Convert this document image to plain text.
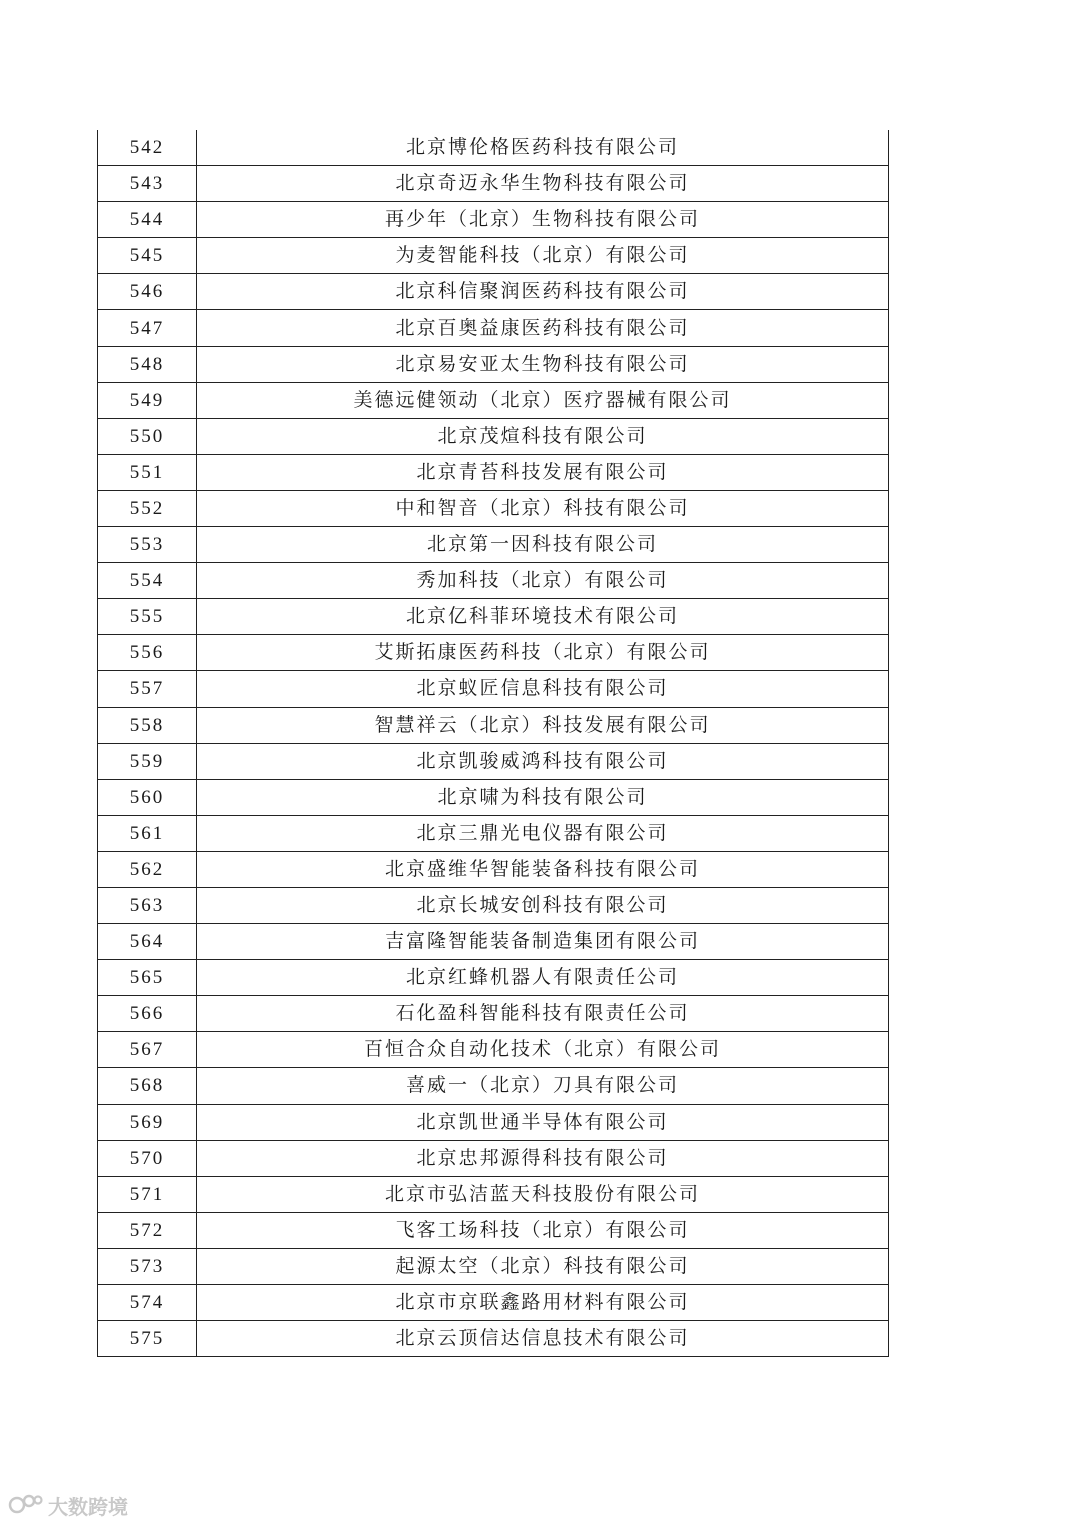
542	北京博伦格医药科技有限公司
543	北京奇迈永华生物科技有限公司
544	再少年（北京）生物科技有限公司
545	为麦智能科技（北京）有限公司
546	北京科信聚润医药科技有限公司
547	北京百奥益康医药科技有限公司
548	北京易安亚太生物科技有限公司
549	美德远健领动（北京）医疗器械有限公司
550	北京茂煊科技有限公司
551	北京青苔科技发展有限公司
552	中和智音（北京）科技有限公司
553	北京第一因科技有限公司
554	秀加科技（北京）有限公司
555	北京亿科菲环境技术有限公司
556	艾斯拓康医药科技（北京）有限公司
557	北京蚁匠信息科技有限公司
558	智慧祥云（北京）科技发展有限公司
559	北京凯骏威鸿科技有限公司
560	北京啸为科技有限公司
561	北京三鼎光电仪器有限公司
562	北京盛维华智能装备科技有限公司
563	北京长城安创科技有限公司
564	吉富隆智能装备制造集团有限公司
565	北京红蜂机器人有限责任公司
566	石化盈科智能科技有限责任公司
567	百恒合众自动化技术（北京）有限公司
568	喜威一（北京）刀具有限公司
569	北京凯世通半导体有限公司
570	北京忠邦源得科技有限公司
571	北京市弘洁蓝天科技股份有限公司
572	飞客工场科技（北京）有限公司
573	起源太空（北京）科技有限公司
574	北京市京联鑫路用材料有限公司
575	北京云顶信达信息技术有限公司
大数跨境
